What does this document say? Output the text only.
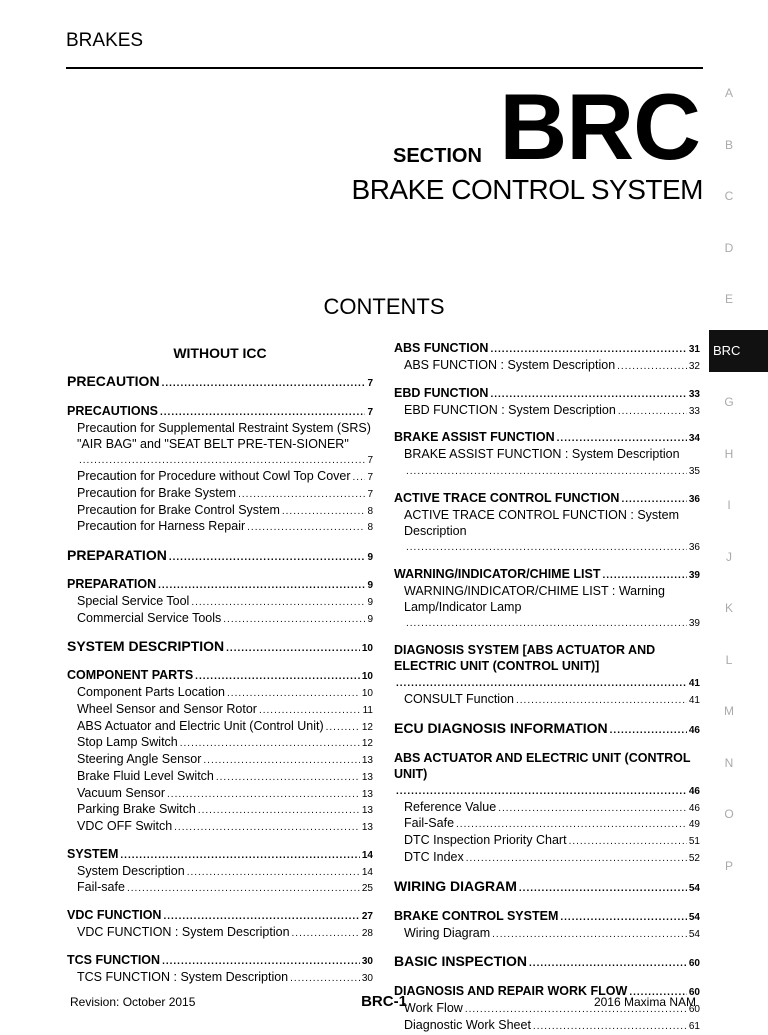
BRAKES
SECTION BRC
BRAKE CONTROL SYSTEM
CONTENTS
A
B
C
D
E
BRC
G
H
I
J
K
L
M
N
O
P
WITHOUT ICC
PRECAUTION .....	7
PRECAUTIONS .....	7
Precaution for Supplemental Restraint System (SRS) "AIR BAG" and "SEAT BELT PRE-TEN-SIONER"
.....
7
Precaution for Procedure without Cowl Top Cover ..... 7
Precaution for Brake System .....	7
Precaution for Brake Control System .....	8
Precaution for Harness Repair .....	8
PREPARATION .....	9
PREPARATION .....	9
Special Service Tool .....	9
Commercial Service Tools .....	9
SYSTEM DESCRIPTION .....	10
COMPONENT PARTS .....	10
Component Parts Location .....	10
Wheel Sensor and Sensor Rotor .....	11
ABS Actuator and Electric Unit (Control Unit) .....	12
Stop Lamp Switch .....	12
Steering Angle Sensor .....	13
Brake Fluid Level Switch .....	13
Vacuum Sensor .....	13
Parking Brake Switch .....	13
VDC OFF Switch .....	13
SYSTEM .....	14
System Description .....	14
Fail-safe .....	25
VDC FUNCTION .....	27
VDC FUNCTION : System Description .....	28
TCS FUNCTION .....	30
TCS FUNCTION : System Description .....	30
ABS FUNCTION .....	31
ABS FUNCTION : System Description .....	32
EBD FUNCTION .....	33
EBD FUNCTION : System Description .....	33
BRAKE ASSIST FUNCTION .....	34
BRAKE ASSIST FUNCTION : System Description
.....
35
ACTIVE TRACE CONTROL FUNCTION .....	36
ACTIVE TRACE CONTROL FUNCTION : System Description
.....
36
WARNING/INDICATOR/CHIME LIST .....	39
WARNING/INDICATOR/CHIME LIST : Warning Lamp/Indicator Lamp
.....
39
DIAGNOSIS SYSTEM [ABS ACTUATOR AND ELECTRIC UNIT (CONTROL UNIT)]
.....
41
CONSULT Function .....	41
ECU DIAGNOSIS INFORMATION .....	46
ABS ACTUATOR AND ELECTRIC UNIT (CONTROL UNIT)
.....
46
Reference Value .....	46
Fail-Safe .....	49
DTC Inspection Priority Chart .....	51
DTC Index .....	52
WIRING DIAGRAM .....	54
BRAKE CONTROL SYSTEM .....	54
Wiring Diagram .....	54
BASIC INSPECTION .....	60
DIAGNOSIS AND REPAIR WORK FLOW .....	60
Work Flow .....	60
Diagnostic Work Sheet .....	61
Revision: October 2015	BRC-1	2016 Maxima NAM
